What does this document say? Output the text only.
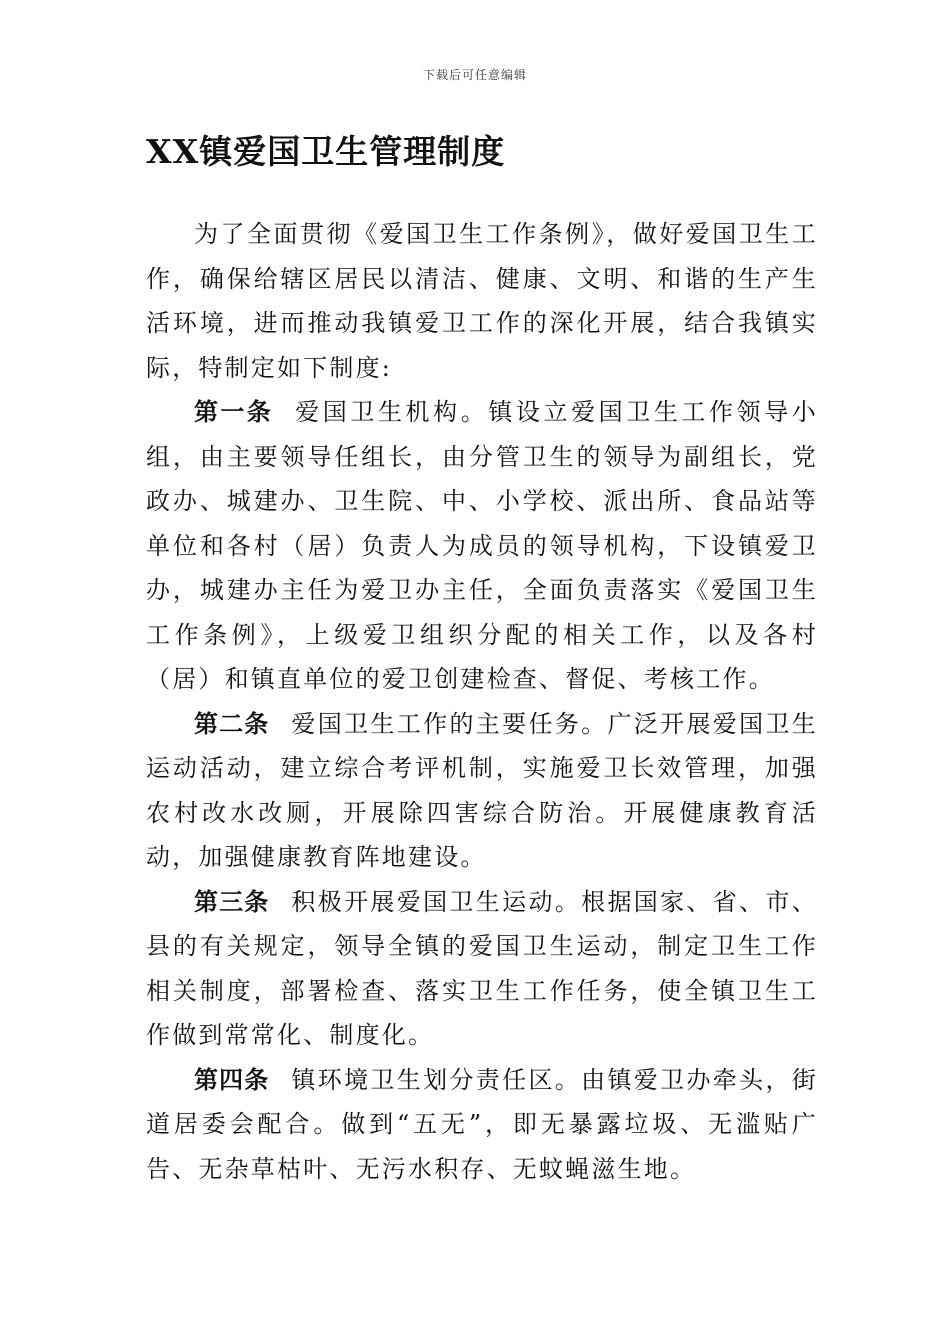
下载后可任意编辑
XX镇爱国卫生管理制度

为了全面贯彻《爱国卫生工作条例》，做好爱国卫生工作，确保给辖区居民以清洁、健康、文明、和谐的生产生活环境，进而推动我镇爱卫工作的深化开展，结合我镇实际，特制定如下制度:

第一条 爱国卫生机构。镇设立爱国卫生工作领导小组，由主要领导任组长，由分管卫生的领导为副组长，党政办、城建办、卫生院、中、小学校、派出所、食品站等单位和各村（居）负责人为成员的领导机构，下设镇爱卫办，城建办主任为爱卫办主任，全面负责落实《爱国卫生工作条例》，上级爱卫组织分配的相关工作，以及各村（居）和镇直单位的爱卫创建检查、督促、考核工作。

第二条 爱国卫生工作的主要任务。广泛开展爱国卫生运动活动，建立综合考评机制，实施爱卫长效管理，加强农村改水改厕，开展除四害综合防治。开展健康教育活动，加强健康教育阵地建设。

第三条 积极开展爱国卫生运动。根据国家、省、市、县的有关规定，领导全镇的爱国卫生运动，制定卫生工作相关制度，部署检查、落实卫生工作任务，使全镇卫生工作做到常常化、制度化。

第四条 镇环境卫生划分责任区。由镇爱卫办牵头，街道居委会配合。做到“五无”，即无暴露垃圾、无滥贴广告、无杂草枯叶、无污水积存、无蚊蝇滋生地。
